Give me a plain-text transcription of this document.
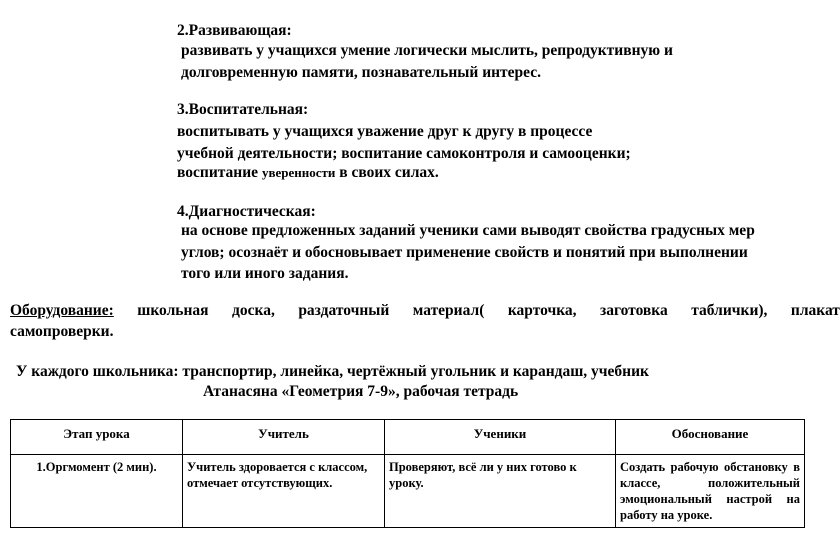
2.Развивающая:
развивать у учащихся умение логически мыслить, репродуктивную и
долговременную памяти, познавательный интерес.
3.Воспитательная:
воспитывать у учащихся уважение друг к другу в процессе
учебной деятельности; воспитание самоконтроля и самооценки;
воспитание уверенности в своих силах.
4.Диагностическая:
на основе предложенных заданий ученики сами выводят свойства градусных мер
углов; осознаёт и обосновывает применение свойств и понятий при выполнении
того или иного задания.
Оборудование: школьная доска, раздаточный материал( карточка, заготовка таблички), плакат
самопроверки.
У каждого школьника: транспортир, линейка, чертёжный угольник и карандаш, учебник
Атанасяна «Геометрия 7-9», рабочая тетрадь
Этап урока	Учитель	Ученики	Обоснование
1.Оргмомент (2 мин).	Учитель здоровается с классом, отмечает отсутствующих.	Проверяют, всё ли у них готово к уроку.	Создать рабочую обстановку в классе, положительный эмоциональный настрой на работу на уроке.
